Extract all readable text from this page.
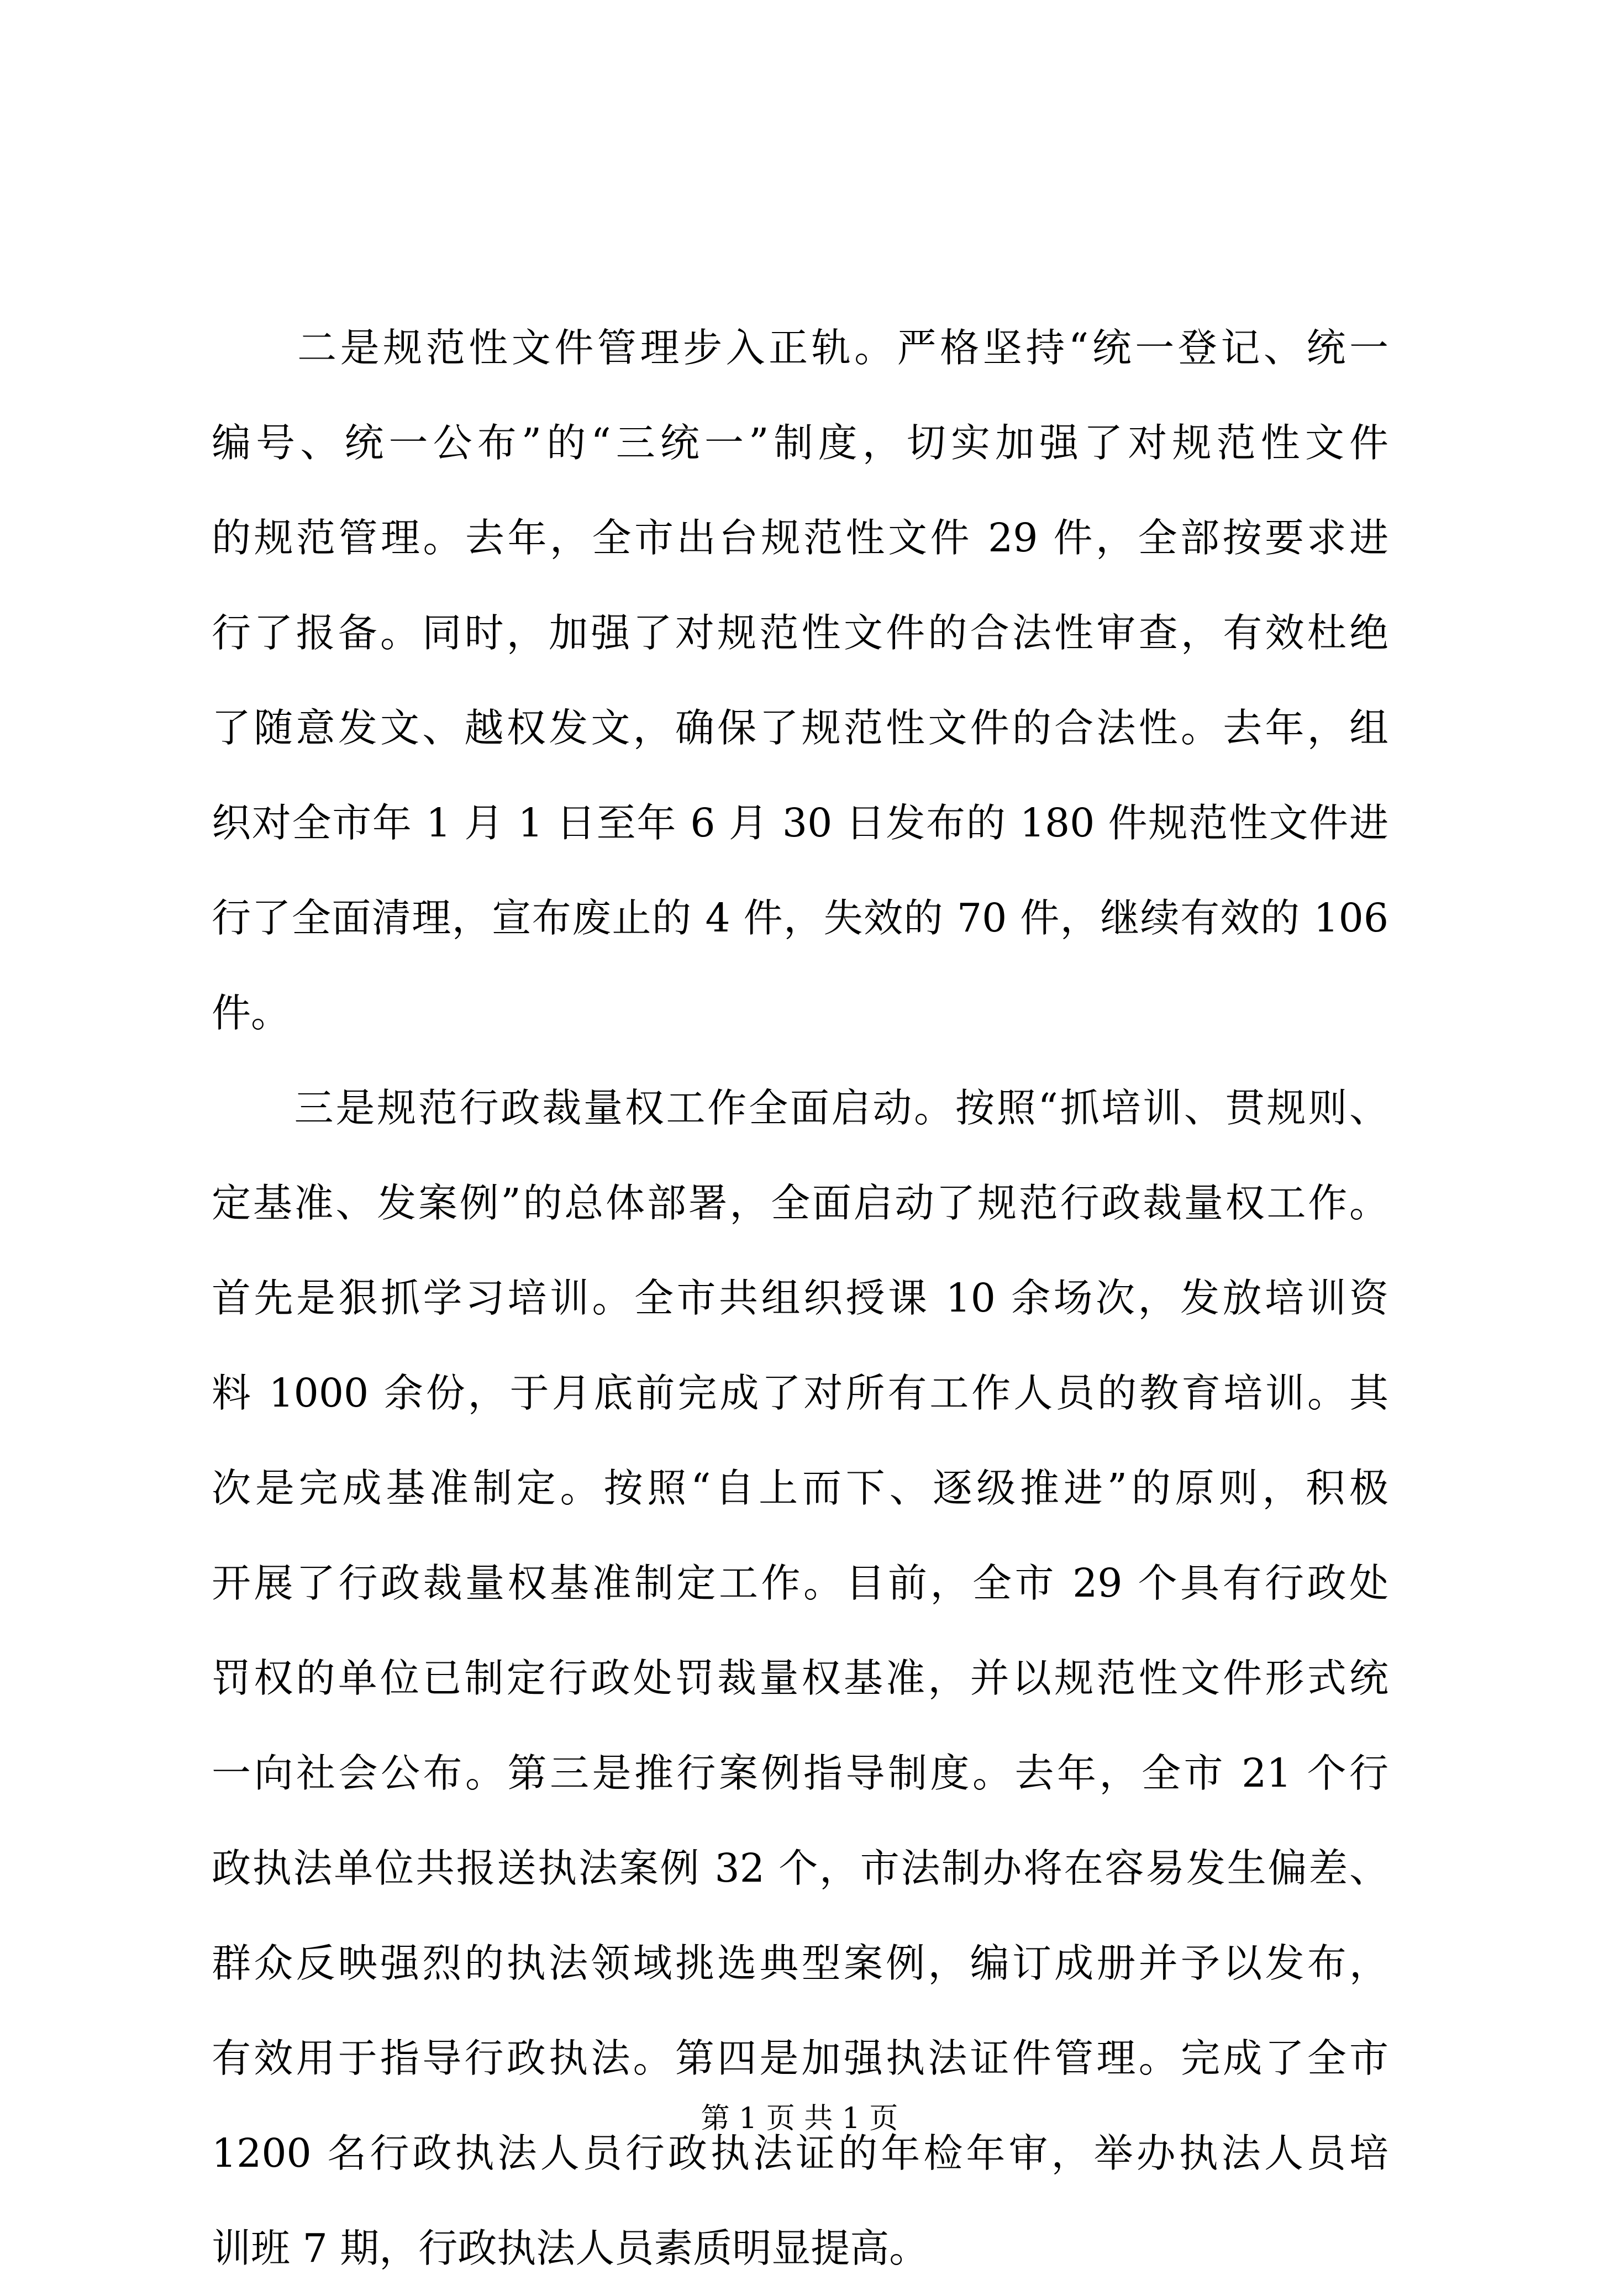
　　二是规范性文件管理步入正轨。严格坚持“统一登记、统一
编号、统一公布”的“三统一”制度，切实加强了对规范性文件
的规范管理。去年，全市出台规范性文件 29 件，全部按要求进
行了报备。同时，加强了对规范性文件的合法性审查，有效杜绝
了随意发文、越权发文，确保了规范性文件的合法性。去年，组
织对全市年 1 月 1 日至年 6 月 30 日发布的 180 件规范性文件进
行了全面清理，宣布废止的 4 件，失效的 70 件，继续有效的 106
件。
　　三是规范行政裁量权工作全面启动。按照“抓培训、贯规则、
定基准、发案例”的总体部署，全面启动了规范行政裁量权工作。
首先是狠抓学习培训。全市共组织授课 10 余场次，发放培训资
料 1000 余份，于月底前完成了对所有工作人员的教育培训。其
次是完成基准制定。按照“自上而下、逐级推进”的原则，积极
开展了行政裁量权基准制定工作。目前，全市 29 个具有行政处
罚权的单位已制定行政处罚裁量权基准，并以规范性文件形式统
一向社会公布。第三是推行案例指导制度。去年，全市 21 个行
政执法单位共报送执法案例 32 个，市法制办将在容易发生偏差、
群众反映强烈的执法领域挑选典型案例，编订成册并予以发布，
有效用于指导行政执法。第四是加强执法证件管理。完成了全市
1200 名行政执法人员行政执法证的年检年审，举办执法人员培
训班 7 期，行政执法人员素质明显提高。
第 1 页 共 1 页
